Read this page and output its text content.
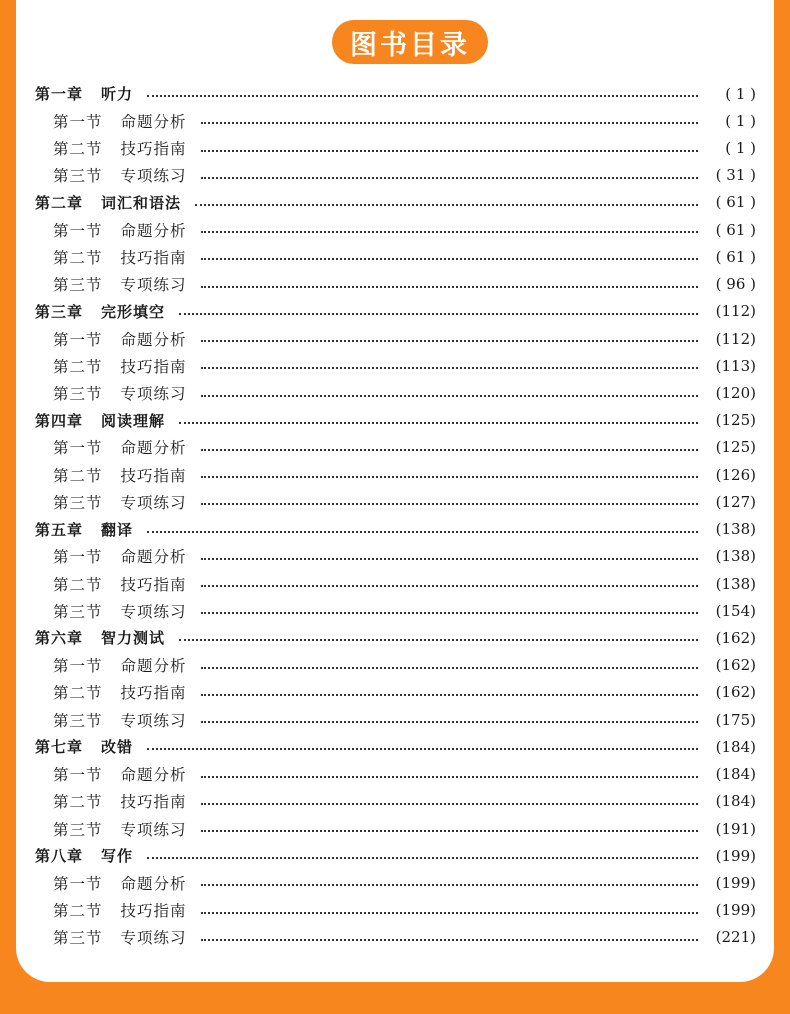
图书目录
第一章 听力	( 1 )
第一节 命题分析	( 1 )
第二节 技巧指南	( 1 )
第三节 专项练习	( 31 )
第二章 词汇和语法	( 61 )
第一节 命题分析	( 61 )
第二节 技巧指南	( 61 )
第三节 专项练习	( 96 )
第三章 完形填空	(112)
第一节 命题分析	(112)
第二节 技巧指南	(113)
第三节 专项练习	(120)
第四章 阅读理解	(125)
第一节 命题分析	(125)
第二节 技巧指南	(126)
第三节 专项练习	(127)
第五章 翻译	(138)
第一节 命题分析	(138)
第二节 技巧指南	(138)
第三节 专项练习	(154)
第六章 智力测试	(162)
第一节 命题分析	(162)
第二节 技巧指南	(162)
第三节 专项练习	(175)
第七章 改错	(184)
第一节 命题分析	(184)
第二节 技巧指南	(184)
第三节 专项练习	(191)
第八章 写作	(199)
第一节 命题分析	(199)
第二节 技巧指南	(199)
第三节 专项练习	(221)
